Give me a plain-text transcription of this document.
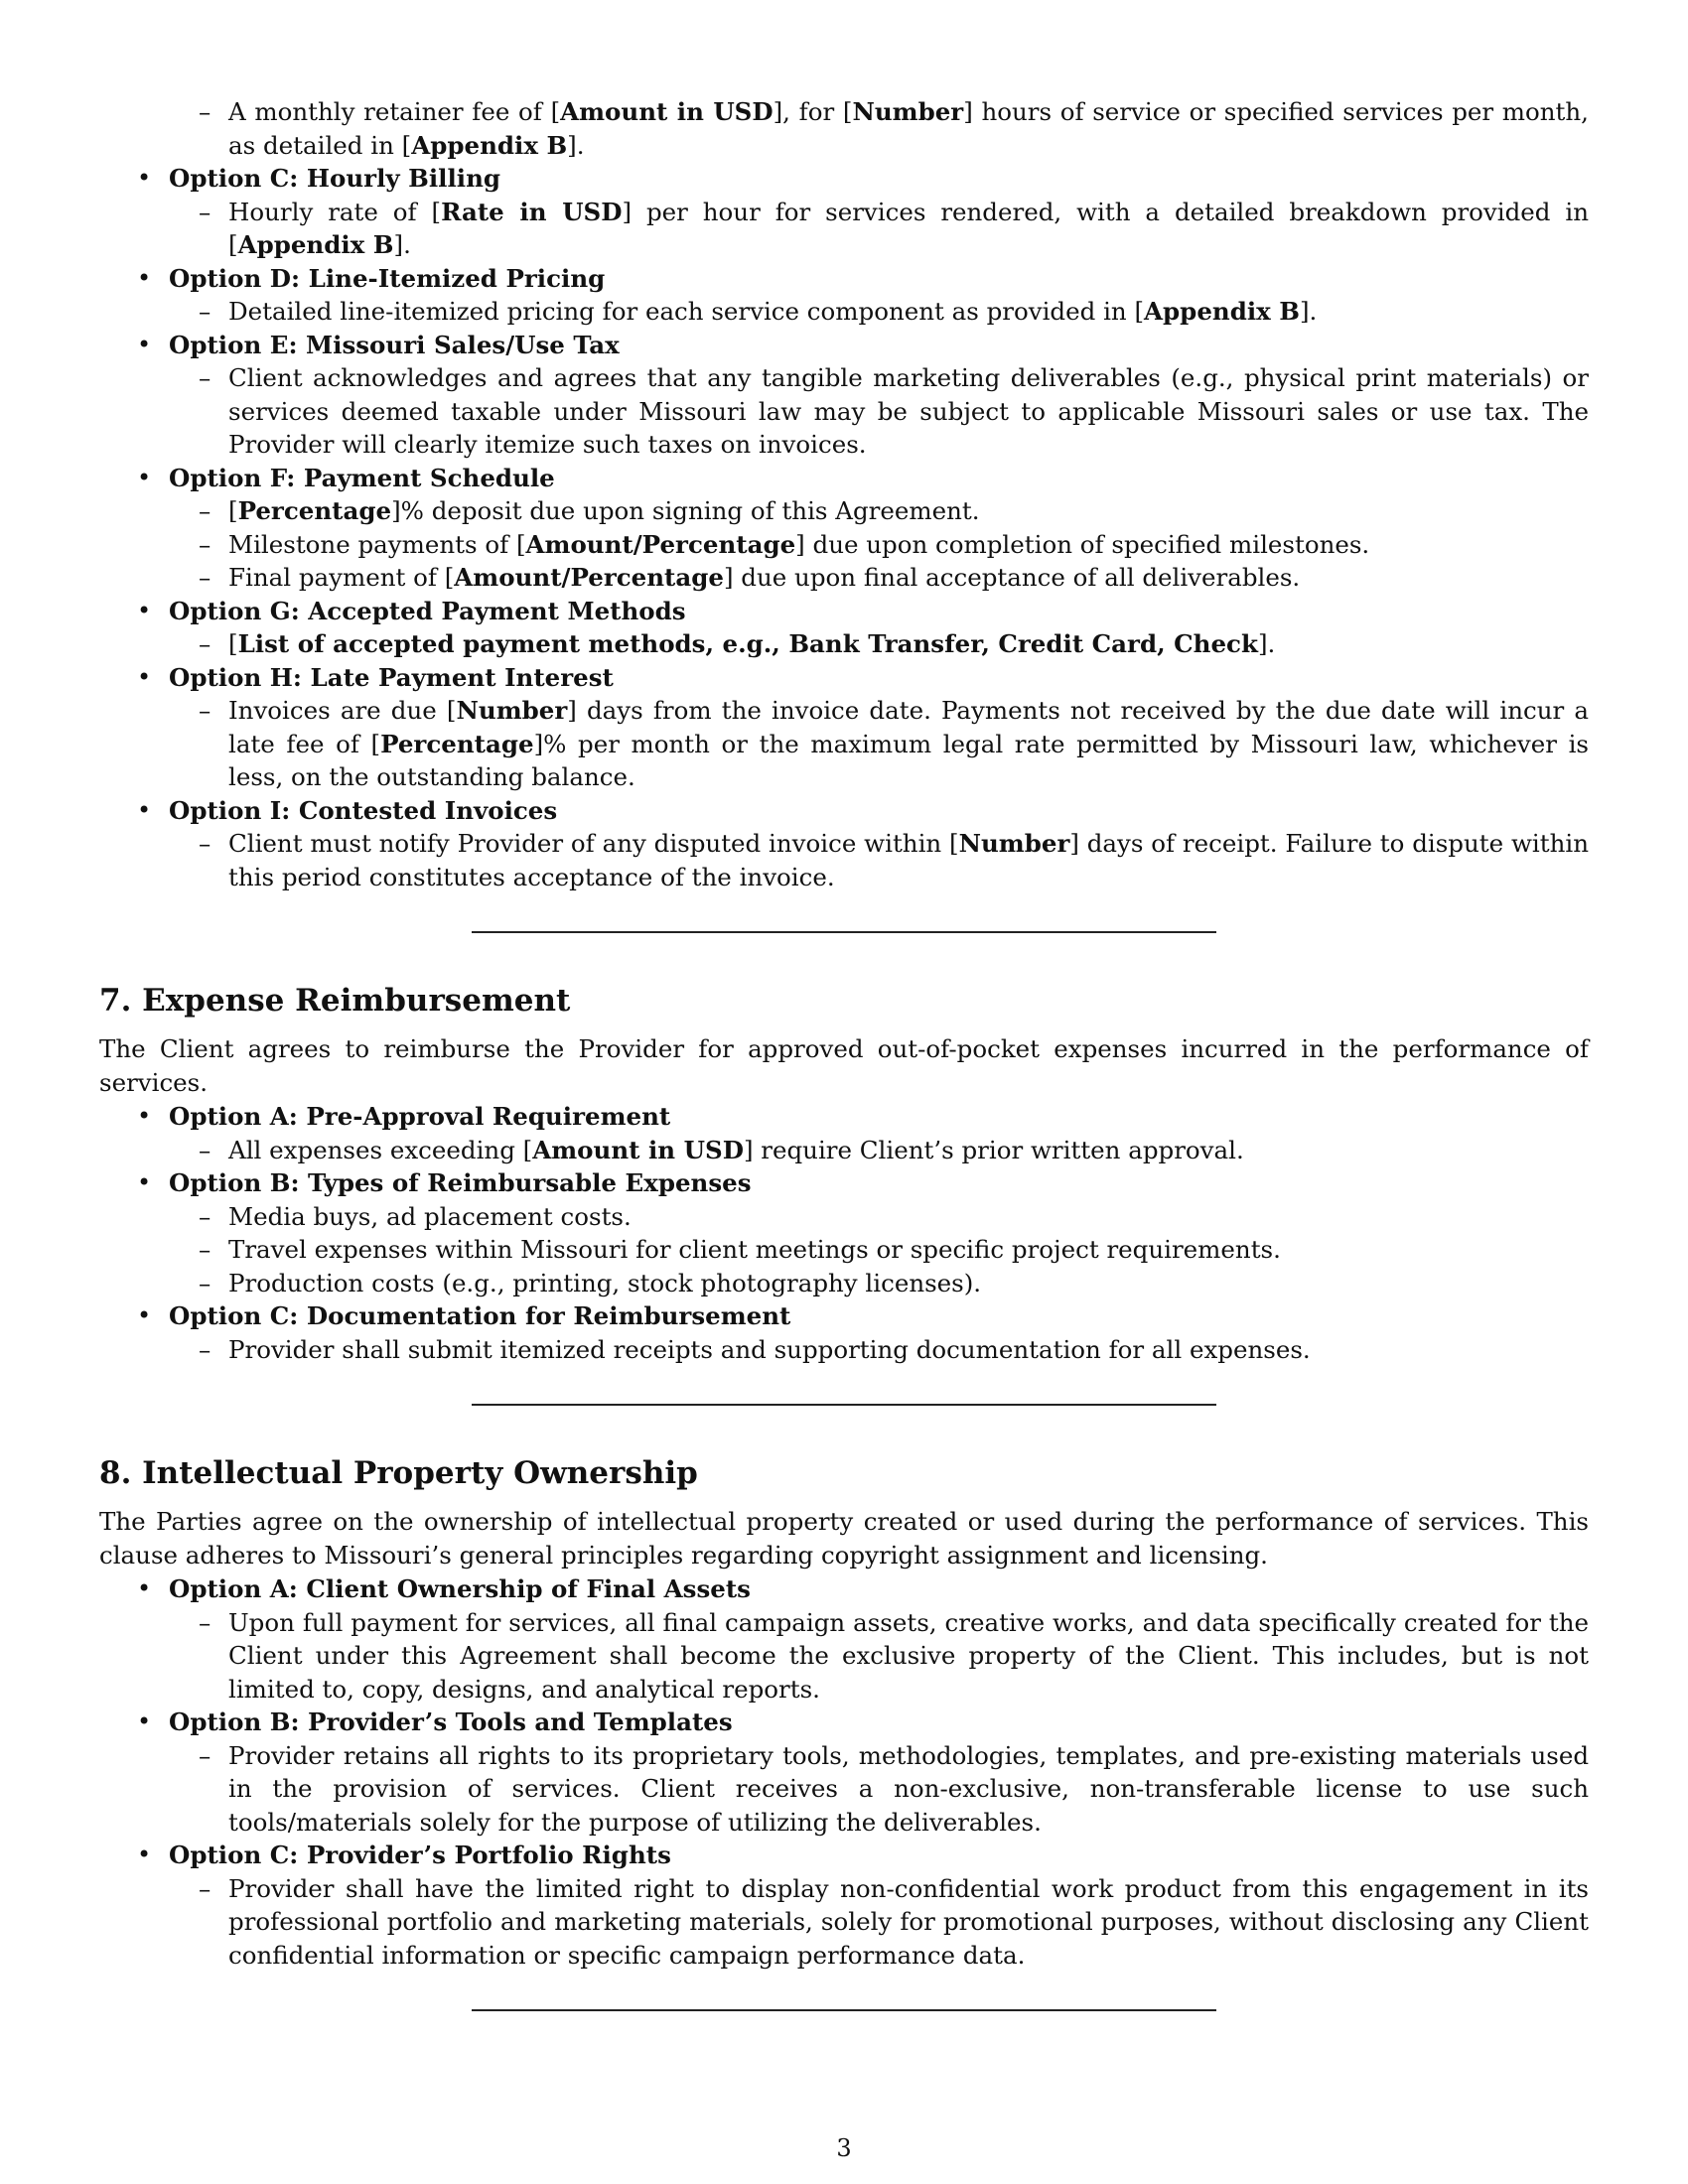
– A monthly retainer fee of [Amount in USD], for [Number] hours of service or specified services per month, as detailed in [Appendix B].
• Option C: Hourly Billing
– Hourly rate of [Rate in USD] per hour for services rendered, with a detailed breakdown provided in [Appendix B].
• Option D: Line-Itemized Pricing
– Detailed line-itemized pricing for each service component as provided in [Appendix B].
• Option E: Missouri Sales/Use Tax
– Client acknowledges and agrees that any tangible marketing deliverables (e.g., physical print materials) or services deemed taxable under Missouri law may be subject to applicable Missouri sales or use tax. The Provider will clearly itemize such taxes on invoices.
• Option F: Payment Schedule
– [Percentage]% deposit due upon signing of this Agreement.
– Milestone payments of [Amount/Percentage] due upon completion of specified milestones.
– Final payment of [Amount/Percentage] due upon final acceptance of all deliverables.
• Option G: Accepted Payment Methods
– [List of accepted payment methods, e.g., Bank Transfer, Credit Card, Check].
• Option H: Late Payment Interest
– Invoices are due [Number] days from the invoice date. Payments not received by the due date will incur a late fee of [Percentage]% per month or the maximum legal rate permitted by Missouri law, whichever is less, on the outstanding balance.
• Option I: Contested Invoices
– Client must notify Provider of any disputed invoice within [Number] days of receipt. Failure to dispute within this period constitutes acceptance of the invoice.
7. Expense Reimbursement

The Client agrees to reimburse the Provider for approved out-of-pocket expenses incurred in the performance of services.

• Option A: Pre-Approval Requirement
– All expenses exceeding [Amount in USD] require Client’s prior written approval.
• Option B: Types of Reimbursable Expenses
– Media buys, ad placement costs.
– Travel expenses within Missouri for client meetings or specific project requirements.
– Production costs (e.g., printing, stock photography licenses).
• Option C: Documentation for Reimbursement
– Provider shall submit itemized receipts and supporting documentation for all expenses.
8. Intellectual Property Ownership

The Parties agree on the ownership of intellectual property created or used during the performance of services. This clause adheres to Missouri’s general principles regarding copyright assignment and licensing.

• Option A: Client Ownership of Final Assets
– Upon full payment for services, all final campaign assets, creative works, and data specifically created for the Client under this Agreement shall become the exclusive property of the Client. This includes, but is not limited to, copy, designs, and analytical reports.
• Option B: Provider’s Tools and Templates
– Provider retains all rights to its proprietary tools, methodologies, templates, and pre-existing materials used in the provision of services. Client receives a non-exclusive, non-transferable license to use such tools/materials solely for the purpose of utilizing the deliverables.
• Option C: Provider’s Portfolio Rights
– Provider shall have the limited right to display non-confidential work product from this engagement in its professional portfolio and marketing materials, solely for promotional purposes, without disclosing any Client confidential information or specific campaign performance data.
3
